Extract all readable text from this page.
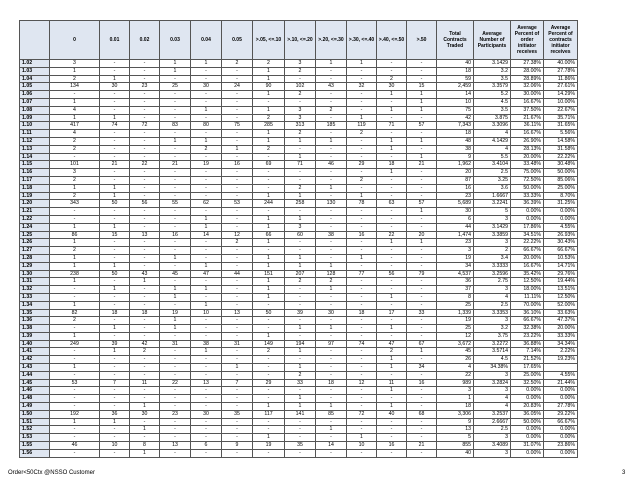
	0	0.01	0.02	0.03	0.04	0.05	>.05, <=.10	>.10, <=.20	>.20, <=.30	>.30, <=.40	>.40, <=.50	>.50	Total Contracts Traded	Average Number of Participants	Average Percent of order initiator receives	Average Percent of contracts initiator receives
1.02	3	-	-	1	1	2	2	3	1	1	-	-	40	3.1429	27.38%	40.00%
1.03	1	-	-	1	-	-	1	2	-	-	-	-	18	3.2	28.00%	27.78%
1.04	2	1	-	-	-	-	1	-	-	-	2	-	59	3.5	28.89%	11.86%
1.05	134	30	23	25	30	24	90	102	43	32	30	15	2,459	3.3579	32.06%	27.61%
1.06	-	-	-	-	-	-	1	2	-	-	1	1	14	5.2	30.00%	14.29%
1.07	1	-	-	-	-	-	-	-	-	-	-	1	10	4.5	16.67%	10.00%
1.08	4	-	-	-	1	-	1	3	2	-	1	1	75	3.5	37.50%	22.67%
1.09	1	1	-	-	-	-	2	3	-	1	-	-	42	3.875	21.67%	35.71%
1.10	417	74	72	83	80	75	285	313	185	119	71	57	7,343	3.3096	36.11%	31.65%
1.11	4	-	-	-	-	-	1	2	-	2	-	-	18	4	16.67%	5.56%
1.12	2	-	-	1	1	-	1	1	1	-	1	1	48	4.1429	26.90%	14.58%
1.13	2	-	-	-	2	1	2	-	-	-	1	-	38	4	28.13%	31.58%
1.14	-	-	-	-	-	-	-	1	-	-	-	1	9	5.5	20.00%	22.22%
1.15	101	21	22	21	19	16	69	71	46	29	18	21	1,962	3.4104	33.48%	30.48%
1.16	3	-	-	-	-	-	-	-	-	-	1	-	20	2.5	75.00%	50.00%
1.17	2	-	-	-	-	-	-	-	-	2	-	-	87	3.25	72.50%	85.06%
1.18	1	1	-	-	-	-	-	2	1	-	-	-	16	3.6	50.00%	25.00%
1.19	2	1	-	-	-	-	1	1	-	1	-	-	23	1.6667	33.33%	8.70%
1.20	343	50	56	55	62	53	244	258	130	78	63	57	5,689	3.2241	36.39%	31.25%
1.21	-	-	-	-	-	-	-	-	-	-	-	1	30	5	0.00%	0.00%
1.22	-	-	-	-	1	-	1	1	-	-	-	-	6	3	0.00%	0.00%
1.24	1	1	-	-	1	-	1	3	-	-	-	-	44	3.1429	17.86%	4.55%
1.25	86	15	13	16	14	12	66	60	38	16	22	20	1,474	3.3859	34.51%	26.93%
1.26	1	-	-	-	-	2	1	-	-	-	1	1	23	3	22.22%	30.43%
1.27	2	-	-	-	-	-	-	-	-	-	-	-	3	2	66.67%	66.67%
1.28	1	-	-	1	-	-	1	1	-	1	-	-	19	3.4	20.00%	10.53%
1.29	1	1	-	-	1	-	1	1	1	-	-	-	34	3.3333	16.67%	14.71%
1.30	238	50	43	45	47	44	151	207	128	77	56	79	4,537	3.2596	35.42%	29.76%
1.31	1	-	1	-	-	-	1	2	2	-	-	-	36	2.75	12.50%	19.44%
1.32	-	1	-	1	1	-	1	-	1	-	-	-	37	3	18.00%	13.51%
1.33	-	-	-	1	-	-	1	-	-	-	1	-	8	4	11.11%	12.50%
1.34	1	-	-	-	1	-	-	-	-	-	-	-	25	2.5	70.00%	52.00%
1.35	82	18	18	19	10	13	50	39	30	18	17	33	1,339	3.3353	36.10%	33.63%
1.36	2	-	-	1	-	-	-	-	-	-	-	-	19	3	66.67%	47.37%
1.38	-	1	-	1	-	-	-	1	1	-	1	-	25	3.2	32.38%	20.00%
1.39	1	-	-	-	-	-	1	-	-	-	-	-	12	3.75	23.22%	33.33%
1.40	249	39	42	31	38	31	149	194	97	74	47	67	3,672	3.2272	36.88%	34.34%
1.41	-	1	2	-	1	-	2	1	-	-	2	1	45	3.5714	7.14%	2.22%
1.42	-	-	-	-	-	-	-	-	-	-	1	-	26	4.5	21.52%	19.23%
1.43	1	-	-	-	-	1	-	1	-	-	1	34	4	34.38%	17.65%	
1.44	-	-	-	-	-	-	-	2	-	-	-	-	22	3	25.00%	4.55%
1.45	53	7	11	22	13	7	29	33	18	12	11	16	989	3.2824	32.50%	21.44%
1.46	-	-	-	-	-	-	-	-	-	-	1	-	3	3	0.00%	0.00%
1.48	-	-	-	-	-	-	-	1	-	-	-	-	1	4	0.00%	0.00%
1.49	-	-	1	-	-	-	1	1	1	-	1	-	18	4	20.83%	27.78%
1.50	192	36	30	23	30	35	117	141	85	72	40	68	3,306	3.2537	36.05%	29.22%
1.51	1	1	-	-	-	-	-	-	-	-	-	-	9	2.6667	50.00%	66.67%
1.52	-	-	1	-	-	-	-	-	1	-	-	-	13	2.5	0.00%	0.00%
1.53	-	-	-	-	-	-	1	-	-	1	-	-	5	3	0.00%	0.00%
1.55	46	10	8	13	6	9	19	35	14	10	16	21	855	3.4089	31.07%	23.86%
1.56	-	-	1	-	-	-	-	-	-	-	-	-	40	3	0.00%	0.00%
Order<50Ctx @NSSO Customer	3
